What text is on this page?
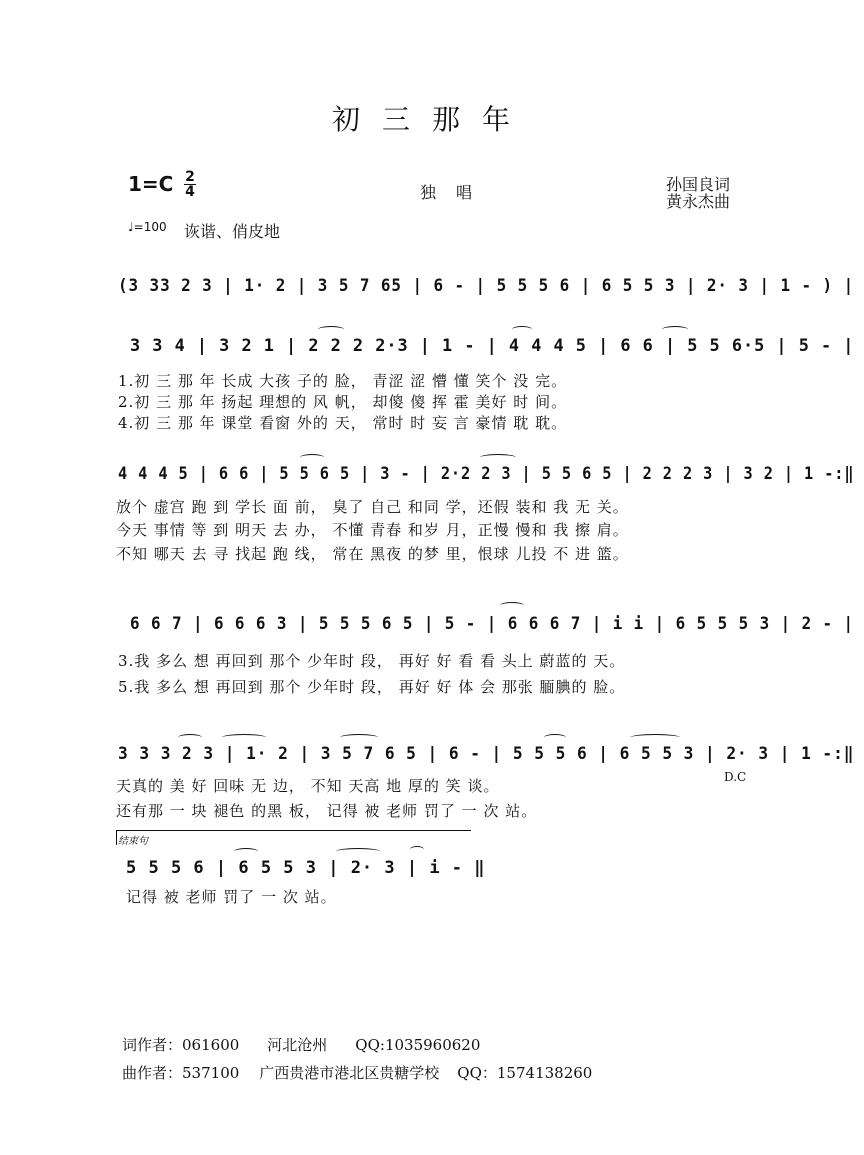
初三那年
1=C 2
4	独唱	孙国良词
黄永杰曲
♩=100 诙谐、俏皮地
(3 33 2 3 | 1· 2 | 3 5 7 65 | 6 - | 5 5 5 6 | 6 5 5 3 | 2· 3 | 1 - ) |
3 3 4 | 3 2 1 | 2 2 2 2·3 | 1 - | 4 4 4 5 | 6 6 | 5 5 6·5 | 5 - |
1.初 三 那 年 长成 大孩 子的 脸， 青涩 涩 懵 懂 笑个 没 完。
2.初 三 那 年 扬起 理想的 风 帆， 却傻 傻 挥 霍 美好 时 间。
4.初 三 那 年 课堂 看窗 外的 天， 常时 时 妄 言 豪情 耽 耽。
4 4 4 5 | 6 6 | 5 5 6 5 | 3 - | 2·2 2 3 | 5 5 6 5 | 2 2 2 3 | 3 2 | 1 -:‖
放个 虚宫 跑 到 学长 面 前， 臭了 自己 和同 学，还假 装和 我 无 关。
今天 事情 等 到 明天 去 办， 不懂 青春 和岁 月，正慢 慢和 我 擦 肩。
不知 哪天 去 寻 找起 跑 线， 常在 黑夜 的梦 里，恨球 儿投 不 进 篮。
6 6 7 | 6 6 6 3 | 5 5 5 6 5 | 5 - | 6 6 6 7 | i i | 6 5 5 5 3 | 2 - |
3.我 多么 想 再回到 那个 少年时 段， 再好 好 看 看 头上 蔚蓝的 天。
5.我 多么 想 再回到 那个 少年时 段， 再好 好 体 会 那张 腼腆的 脸。
3 3 3 2 3 | 1· 2 | 3 5 7 6 5 | 6 - | 5 5 5 6 | 6 5 5 3 | 2· 3 | 1 -:‖
D.C
天真的 美 好 回味 无 边， 不知 天高 地 厚的 笑 谈。
还有那 一 块 褪色 的黑 板， 记得 被 老师 罚了 一 次 站。
结束句
5 5 5 6 | 6 5 5 3 | 2· 3 | i - ‖
记得 被 老师 罚了 一 次 站。
词作者：061600 河北沧州 QQ:1035960620
曲作者：537100 广西贵港市港北区贵糖学校 QQ：1574138260
